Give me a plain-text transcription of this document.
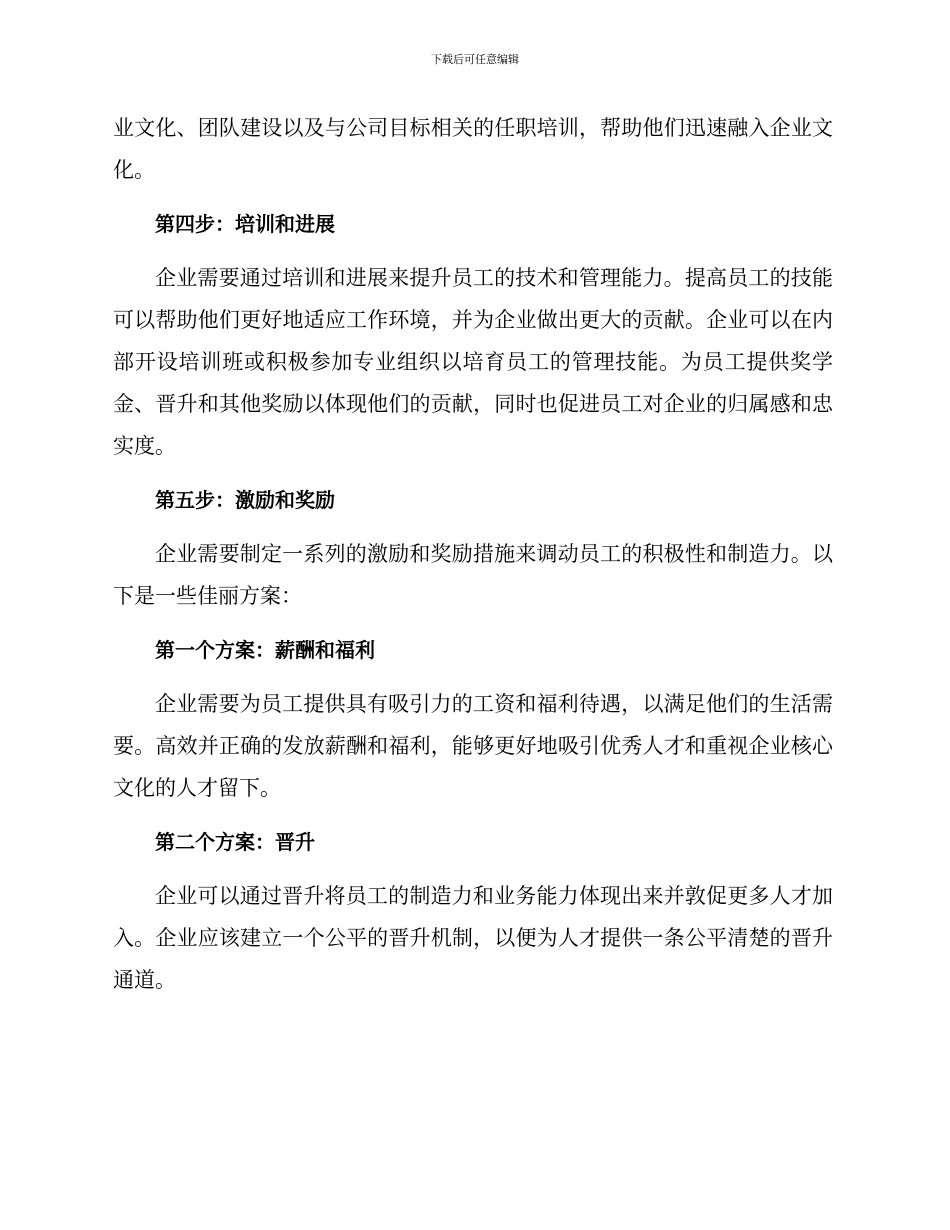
下载后可任意编辑

业文化、团队建设以及与公司目标相关的任职培训，帮助他们迅速融入企业文化。

第四步：培训和进展

企业需要通过培训和进展来提升员工的技术和管理能力。提高员工的技能可以帮助他们更好地适应工作环境，并为企业做出更大的贡献。企业可以在内部开设培训班或积极参加专业组织以培育员工的管理技能。为员工提供奖学金、晋升和其他奖励以体现他们的贡献，同时也促进员工对企业的归属感和忠实度。

第五步：激励和奖励

企业需要制定一系列的激励和奖励措施来调动员工的积极性和制造力。以下是一些佳丽方案：

第一个方案：薪酬和福利

企业需要为员工提供具有吸引力的工资和福利待遇，以满足他们的生活需要。高效并正确的发放薪酬和福利，能够更好地吸引优秀人才和重视企业核心文化的人才留下。

第二个方案：晋升

企业可以通过晋升将员工的制造力和业务能力体现出来并敦促更多人才加入。企业应该建立一个公平的晋升机制，以便为人才提供一条公平清楚的晋升通道。
